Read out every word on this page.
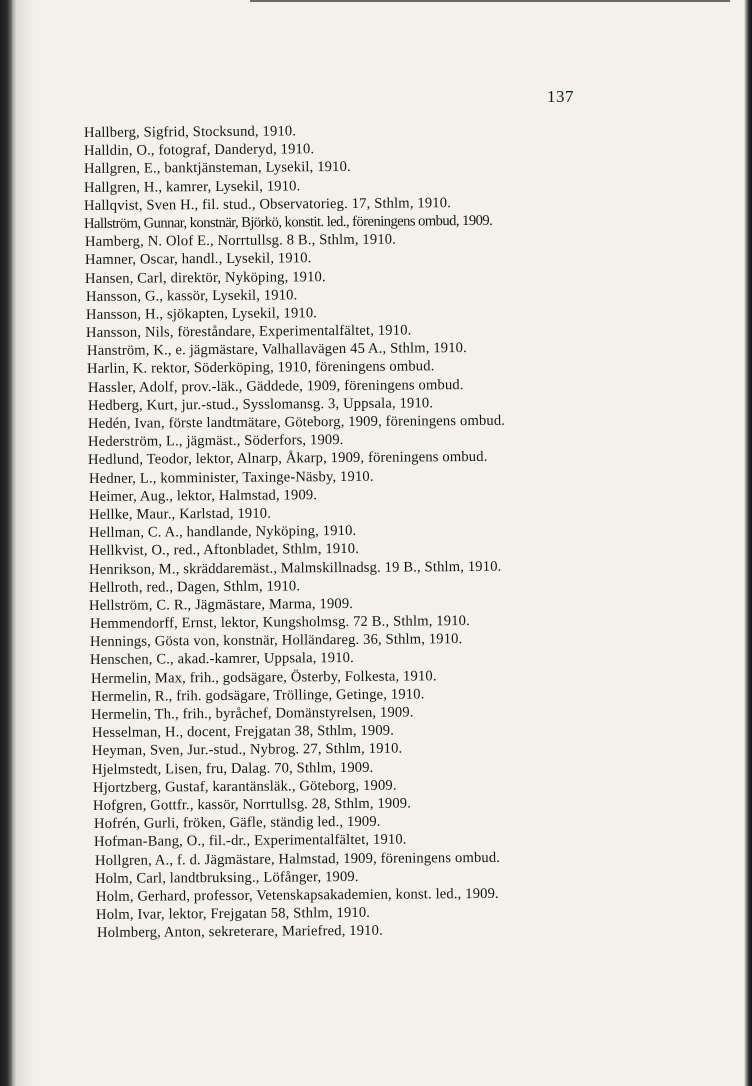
137
Hallberg, Sigfrid, Stocksund, 1910.
Halldin, O., fotograf, Danderyd, 1910.
Hallgren, E., banktjänsteman, Lysekil, 1910.
Hallgren, H., kamrer, Lysekil, 1910.
Hallqvist, Sven H., fil. stud., Observatorieg. 17, Sthlm, 1910.
Hallström, Gunnar, konstnär, Björkö, konstit. led., föreningens ombud, 1909.
Hamberg, N. Olof E., Norrtullsg. 8 B., Sthlm, 1910.
Hamner, Oscar, handl., Lysekil, 1910.
Hansen, Carl, direktör, Nyköping, 1910.
Hansson, G., kassör, Lysekil, 1910.
Hansson, H., sjökapten, Lysekil, 1910.
Hansson, Nils, föreståndare, Experimentalfältet, 1910.
Hanström, K., e. jägmästare, Valhallavägen 45 A., Sthlm, 1910.
Harlin, K. rektor, Söderköping, 1910, föreningens ombud.
Hassler, Adolf, prov.-läk., Gäddede, 1909, föreningens ombud.
Hedberg, Kurt, jur.-stud., Sysslomansg. 3, Uppsala, 1910.
Hedén, Ivan, förste landtmätare, Göteborg, 1909, föreningens ombud.
Hederström, L., jägmäst., Söderfors, 1909.
Hedlund, Teodor, lektor, Alnarp, Åkarp, 1909, föreningens ombud.
Hedner, L., komminister, Taxinge-Näsby, 1910.
Heimer, Aug., lektor, Halmstad, 1909.
Hellke, Maur., Karlstad, 1910.
Hellman, C. A., handlande, Nyköping, 1910.
Hellkvist, O., red., Aftonbladet, Sthlm, 1910.
Henrikson, M., skräddaremäst., Malmskillnadsg. 19 B., Sthlm, 1910.
Hellroth, red., Dagen, Sthlm, 1910.
Hellström, C. R., Jägmästare, Marma, 1909.
Hemmendorff, Ernst, lektor, Kungsholmsg. 72 B., Sthlm, 1910.
Hennings, Gösta von, konstnär, Holländareg. 36, Sthlm, 1910.
Henschen, C., akad.-kamrer, Uppsala, 1910.
Hermelin, Max, frih., godsägare, Österby, Folkesta, 1910.
Hermelin, R., frih. godsägare, Tröllinge, Getinge, 1910.
Hermelin, Th., frih., byråchef, Domänstyrelsen, 1909.
Hesselman, H., docent, Frejgatan 38, Sthlm, 1909.
Heyman, Sven, Jur.-stud., Nybrog. 27, Sthlm, 1910.
Hjelmstedt, Lisen, fru, Dalag. 70, Sthlm, 1909.
Hjortzberg, Gustaf, karantänsläk., Göteborg, 1909.
Hofgren, Gottfr., kassör, Norrtullsg. 28, Sthlm, 1909.
Hofrén, Gurli, fröken, Gäfle, ständig led., 1909.
Hofman-Bang, O., fil.-dr., Experimentalfältet, 1910.
Hollgren, A., f. d. Jägmästare, Halmstad, 1909, föreningens ombud.
Holm, Carl, landtbruksing., Löfånger, 1909.
Holm, Gerhard, professor, Vetenskapsakademien, konst. led., 1909.
Holm, Ivar, lektor, Frejgatan 58, Sthlm, 1910.
Holmberg, Anton, sekreterare, Mariefred, 1910.
